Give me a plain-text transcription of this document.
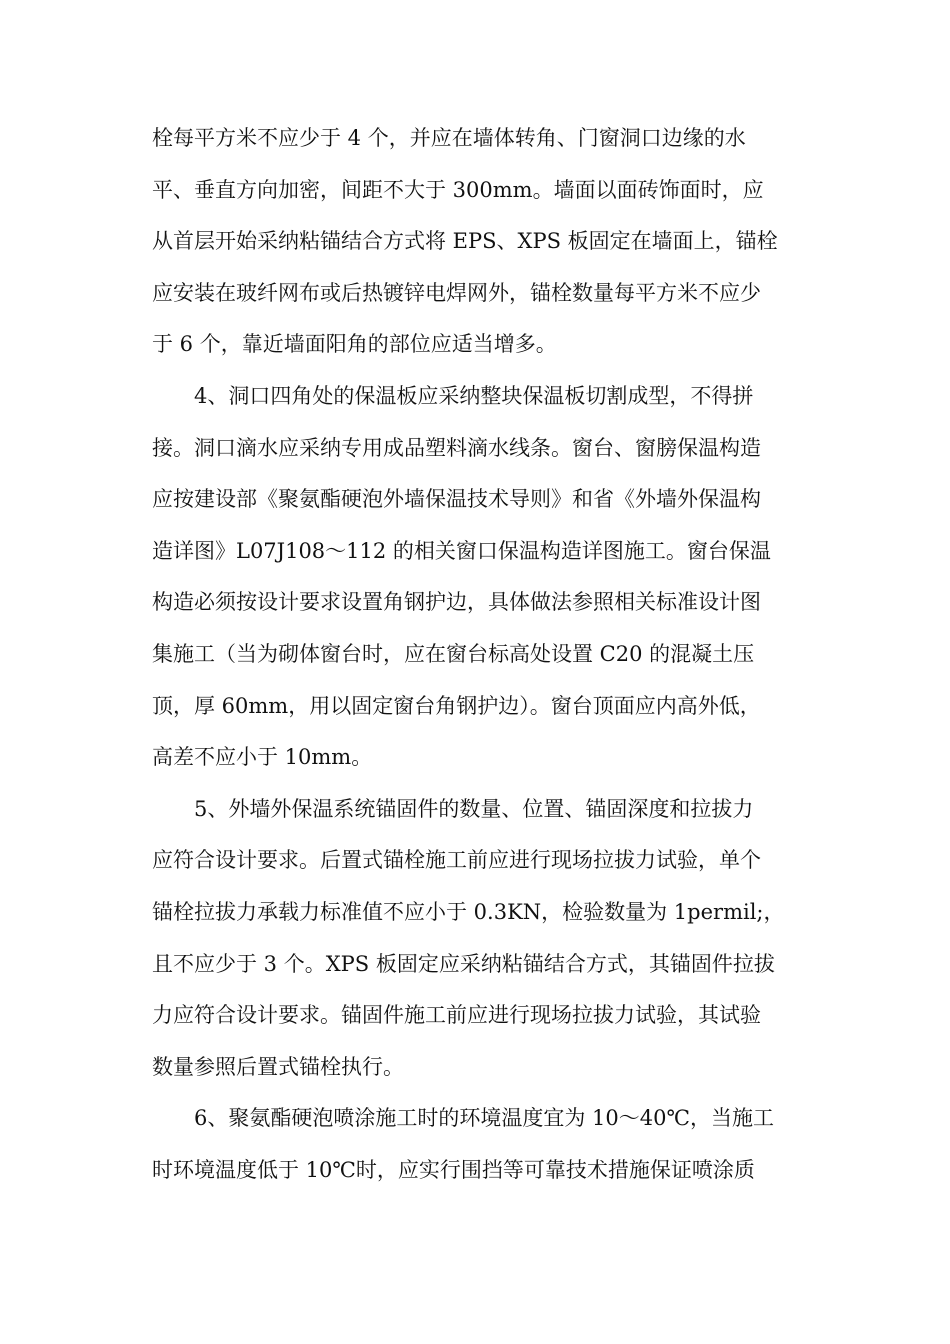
栓每平方米不应少于 4 个，并应在墙体转角、门窗洞口边缘的水

平、垂直方向加密，间距不大于 300mm。墙面以面砖饰面时，应

从首层开始采纳粘锚结合方式将 EPS、XPS 板固定在墙面上，锚栓

应安装在玻纤网布或后热镀锌电焊网外，锚栓数量每平方米不应少

于 6 个，靠近墙面阳角的部位应适当增多。

　　4、洞口四角处的保温板应采纳整块保温板切割成型，不得拼

接。洞口滴水应采纳专用成品塑料滴水线条。窗台、窗膀保温构造

应按建设部《聚氨酯硬泡外墙保温技术导则》和省《外墙外保温构

造详图》L07J108～112 的相关窗口保温构造详图施工。窗台保温

构造必须按设计要求设置角钢护边，具体做法参照相关标准设计图

集施工（当为砌体窗台时，应在窗台标高处设置 C20 的混凝土压

顶，厚 60mm，用以固定窗台角钢护边）。窗台顶面应内高外低，

高差不应小于 10mm。

　　5、外墙外保温系统锚固件的数量、位置、锚固深度和拉拔力

应符合设计要求。后置式锚栓施工前应进行现场拉拔力试验，单个

锚栓拉拔力承载力标准值不应小于 0.3KN，检验数量为 1permil;，

且不应少于 3 个。XPS 板固定应采纳粘锚结合方式，其锚固件拉拔

力应符合设计要求。锚固件施工前应进行现场拉拔力试验，其试验

数量参照后置式锚栓执行。

　　6、聚氨酯硬泡喷涂施工时的环境温度宜为 10～40℃，当施工

时环境温度低于 10℃时，应实行围挡等可靠技术措施保证喷涂质
